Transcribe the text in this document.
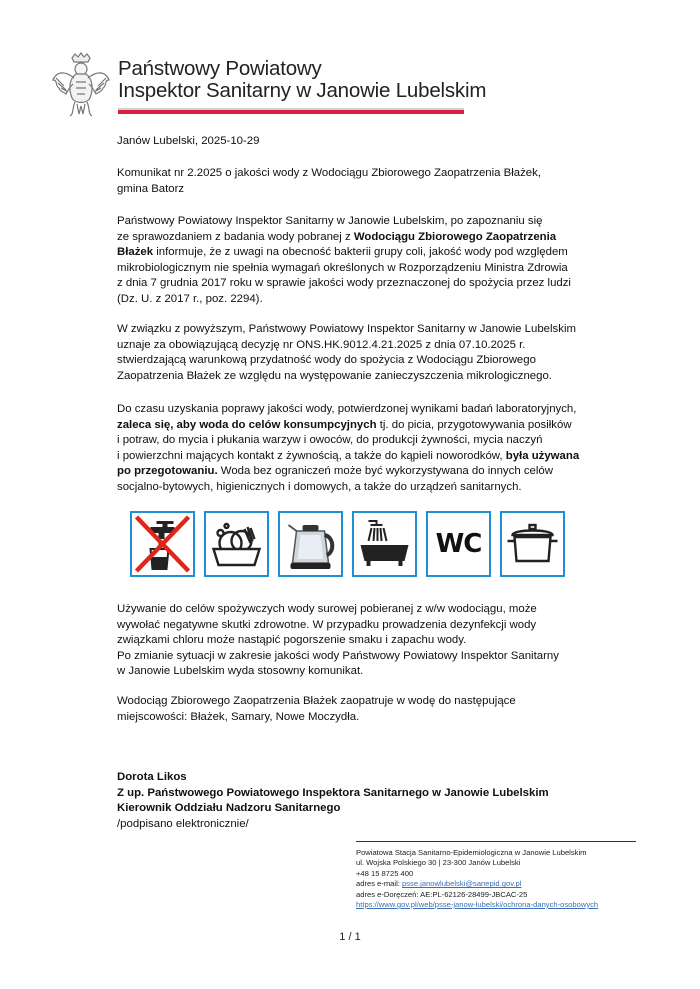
Państwowy Powiatowy
Inspektor Sanitarny w Janowie Lubelskim
Janów Lubelski, 2025-10-29
Komunikat nr 2.2025 o jakości wody z Wodociągu Zbiorowego Zaopatrzenia Błażek,
gmina Batorz
Państwowy Powiatowy Inspektor Sanitarny w Janowie Lubelskim, po zapoznaniu się
ze sprawozdaniem z badania wody pobranej z Wodociągu Zbiorowego Zaopatrzenia
Błażek informuje, że z uwagi na obecność bakterii grupy coli, jakość wody pod względem
mikrobiologicznym nie spełnia wymagań określonych w Rozporządzeniu Ministra Zdrowia
z dnia 7 grudnia 2017 roku w sprawie jakości wody przeznaczonej do spożycia przez ludzi
(Dz. U. z 2017 r., poz. 2294).
W związku z powyższym, Państwowy Powiatowy Inspektor Sanitarny w Janowie Lubelskim
uznaje za obowiązującą decyzję nr ONS.HK.9012.4.21.2025 z dnia 07.10.2025 r.
stwierdzającą warunkową przydatność wody do spożycia z Wodociągu Zbiorowego
Zaopatrzenia Błażek ze względu na występowanie zanieczyszczenia mikrologicznego.
Do czasu uzyskania poprawy jakości wody, potwierdzonej wynikami badań laboratoryjnych,
zaleca się, aby woda do celów konsumpcyjnych tj. do picia, przygotowywania posiłków
i potraw, do mycia i płukania warzyw i owoców, do produkcji żywności, mycia naczyń
i powierzchni mających kontakt z żywnością, a także do kąpieli noworodków, była używana
po przegotowaniu. Woda bez ograniczeń może być wykorzystywana do innych celów
socjalno-bytowych, higienicznych i domowych, a także do urządzeń sanitarnych.
WC
Używanie do celów spożywczych wody surowej pobieranej z w/w wodociągu, może
wywołać negatywne skutki zdrowotne. W przypadku prowadzenia dezynfekcji wody
związkami chloru może nastąpić pogorszenie smaku i zapachu wody.
Po zmianie sytuacji w zakresie jakości wody Państwowy Powiatowy Inspektor Sanitarny
w Janowie Lubelskim wyda stosowny komunikat.
Wodociąg Zbiorowego Zaopatrzenia Błażek zaopatruje w wodę do następujące
miejscowości: Błażek, Samary, Nowe Moczydła.
Dorota Likos
Z up. Państwowego Powiatowego Inspektora Sanitarnego w Janowie Lubelskim
Kierownik Oddziału Nadzoru Sanitarnego
/podpisano elektronicznie/
Powiatowa Stacja Sanitarno-Epidemiologiczna w Janowie Lubelskim
ul. Wojska Polskiego 30 | 23-300 Janów Lubelski
+48 15 8725 400
adres e-mail: psse.janowlubelski@sanepid.gov.pl
adres e-Doręczeń: AE:PL-62126-28499-JBCAC-25
https://www.gov.pl/web/psse-janow-lubelski/ochrona-danych-osobowych
1 / 1
